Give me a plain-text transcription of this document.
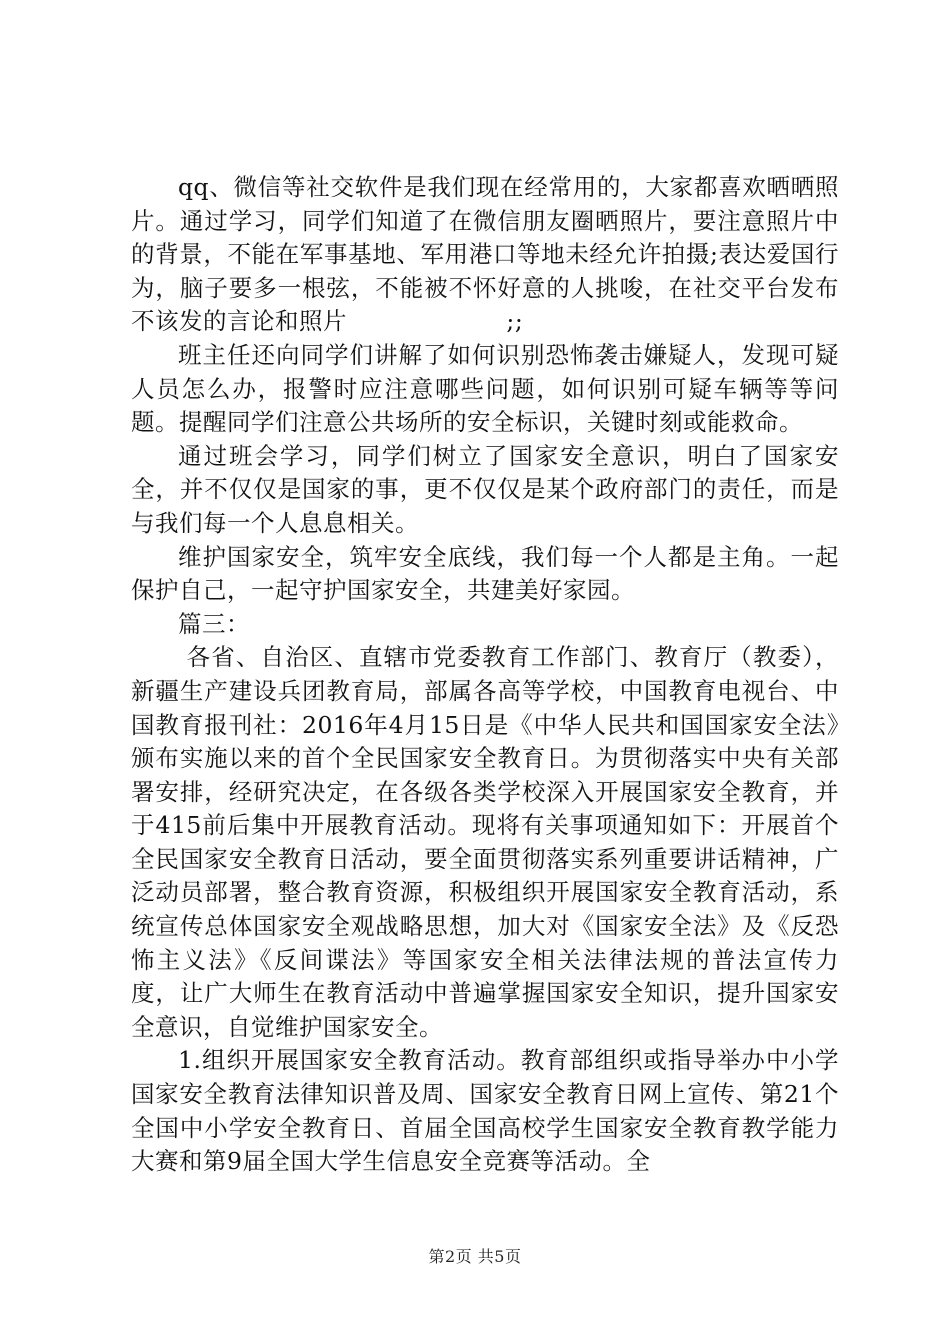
qq、微信等社交软件是我们现在经常用的，大家都喜欢晒晒照片。通过学习，同学们知道了在微信朋友圈晒照片，要注意照片中的背景，不能在军事基地、军用港口等地未经允许拍摄;表达爱国行为，脑子要多一根弦，不能被不怀好意的人挑唆，在社交平台发布不该发的言论和照片                    ;;

班主任还向同学们讲解了如何识别恐怖袭击嫌疑人，发现可疑人员怎么办，报警时应注意哪些问题，如何识别可疑车辆等等问题。提醒同学们注意公共场所的安全标识，关键时刻或能救命。

通过班会学习，同学们树立了国家安全意识，明白了国家安全，并不仅仅是国家的事，更不仅仅是某个政府部门的责任，而是与我们每一个人息息相关。

维护国家安全，筑牢安全底线，我们每一个人都是主角。一起保护自己，一起守护国家安全，共建美好家园。

篇三：

各省、自治区、直辖市党委教育工作部门、教育厅（教委），新疆生产建设兵团教育局，部属各高等学校，中国教育电视台、中国教育报刊社：2016年4月15日是《中华人民共和国国家安全法》颁布实施以来的首个全民国家安全教育日。为贯彻落实中央有关部署安排，经研究决定，在各级各类学校深入开展国家安全教育，并于415前后集中开展教育活动。现将有关事项通知如下：开展首个全民国家安全教育日活动，要全面贯彻落实系列重要讲话精神，广泛动员部署，整合教育资源，积极组织开展国家安全教育活动，系统宣传总体国家安全观战略思想，加大对《国家安全法》及《反恐怖主义法》《反间谍法》等国家安全相关法律法规的普法宣传力度，让广大师生在教育活动中普遍掌握国家安全知识，提升国家安全意识，自觉维护国家安全。

1.组织开展国家安全教育活动。教育部组织或指导举办中小学国家安全教育法律知识普及周、国家安全教育日网上宣传、第21个全国中小学安全教育日、首届全国高校学生国家安全教育教学能力大赛和第9届全国大学生信息安全竞赛等活动。全

第2页 共5页
